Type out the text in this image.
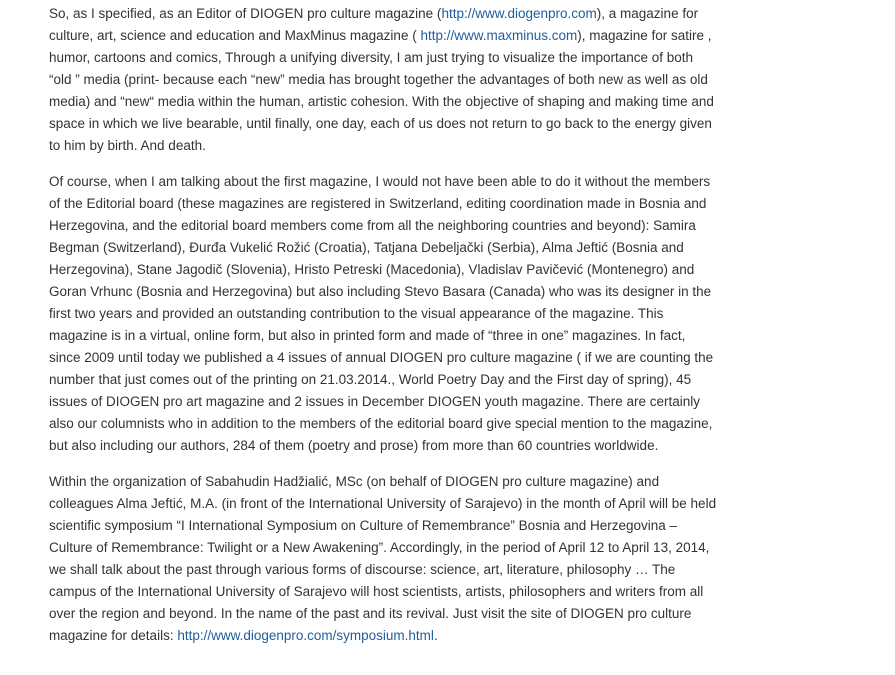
So, as I specified, as an Editor of DIOGEN pro culture magazine (http://www.diogenpro.com), a magazine for culture, art, science and education and MaxMinus magazine ( http://www.maxminus.com), magazine for satire , humor, cartoons and comics, Through a unifying diversity, I am just trying to visualize the importance of both “old ” media (print- because each “new” media has brought together the advantages of both new as well as old media) and “new“ media within the human, artistic cohesion. With the objective of shaping and making time and space in which we live bearable, until finally, one day, each of us does not return to go back to the energy given to him by birth. And death.

Of course, when I am talking about the first magazine, I would not have been able to do it without the members of the Editorial board (these magazines are registered in Switzerland, editing coordination made in Bosnia and Herzegovina, and the editorial board members come from all the neighboring countries and beyond): Samira Begman (Switzerland), Đurđa Vukelić Rožić (Croatia), Tatjana Debeljački (Serbia), Alma Jeftić (Bosnia and Herzegovina), Stane Jagodič (Slovenia), Hristo Petreski (Macedonia), Vladislav Pavičević (Montenegro) and Goran Vrhunc (Bosnia and Herzegovina) but also including Stevo Basara (Canada) who was its designer in the first two years and provided an outstanding contribution to the visual appearance of the magazine. This magazine is in a virtual, online form, but also in printed form and made of “three in one” magazines. In fact, since 2009 until today we published a 4 issues of annual DIOGEN pro culture magazine ( if we are counting the number that just comes out of the printing on 21.03.2014., World Poetry Day and the First day of spring), 45 issues of DIOGEN pro art magazine and 2 issues in December DIOGEN youth magazine. There are certainly also our columnists who in addition to the members of the editorial board give special mention to the magazine, but also including our authors, 284 of them (poetry and prose) from more than 60 countries worldwide.

Within the organization of Sabahudin Hadžialić, MSc (on behalf of DIOGEN pro culture magazine) and colleagues Alma Jeftić, M.A. (in front of the International University of Sarajevo) in the month of April will be held scientific symposium “I International Symposium on Culture of Remembrance” Bosnia and Herzegovina – Culture of Remembrance: Twilight or a New Awakening”. Accordingly, in the period of April 12 to April 13, 2014, we shall talk about the past through various forms of discourse: science, art, literature, philosophy … The campus of the International University of Sarajevo will host scientists, artists, philosophers and writers from all over the region and beyond. In the name of the past and its revival. Just visit the site of DIOGEN pro culture magazine for details: http://www.diogenpro.com/symposium.html.
